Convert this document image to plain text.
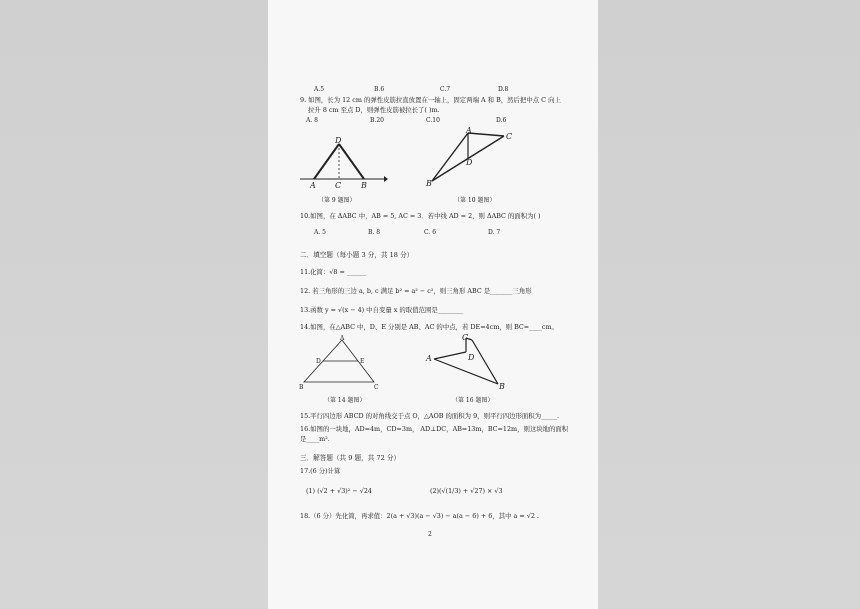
A.5	B.6	C.7	D.8
9. 如图，长为 12 cm 的弹性皮筋拉直放置在一轴上，固定两端 A 和 B，然后把中点 C 向上
拉升 8 cm 至点 D，则弹性皮筋被拉长了( )m.
A. 8	B.20	C.10	D.6
D
A C B
（第 9 题图）
A
C
D
B
（第 10 题图）
10.如图，在 ΔABC 中，AB = 5, AC = 3．若中线 AD = 2，则 ΔABC 的面积为( )
A. 5	B. 8	C. 6	D. 7
二．填空题（每小题 3 分，共 18 分）
11.化简：√8 = ______
12. 若三角形的三边 a, b, c 满足 b² = a² − c²，则三角形 ABC 是_______三角形
13.函数 y = √(x − 4) 中自变量 x 的取值范围是________
14.如图，在△ABC 中，D、E 分别是 AB、AC 的中点，若 DE=4cm，则 BC=____cm。
A
D	E
B	C
（第 14 题图）
C
A	D
B
（第 16 题图）
15.平行四边形 ABCD 的对角线交于点 O，△AOB 的面积为 9，则平行四边形面积为_____.
16.如图的一块地，AD=4m，CD=3m， AD⊥DC，AB=13m，BC=12m，则这块地的面积
是____m².
三．解答题（共 9 题，共 72 分）
17.(6 分)计算
(1) (√2 + √3)² − √24	(2)(√(1/3) + √27) × √3
18.（6 分）先化简，再求值：2(a + √3)(a − √3) − a(a − 6) + 6，其中 a = √2 .
2
